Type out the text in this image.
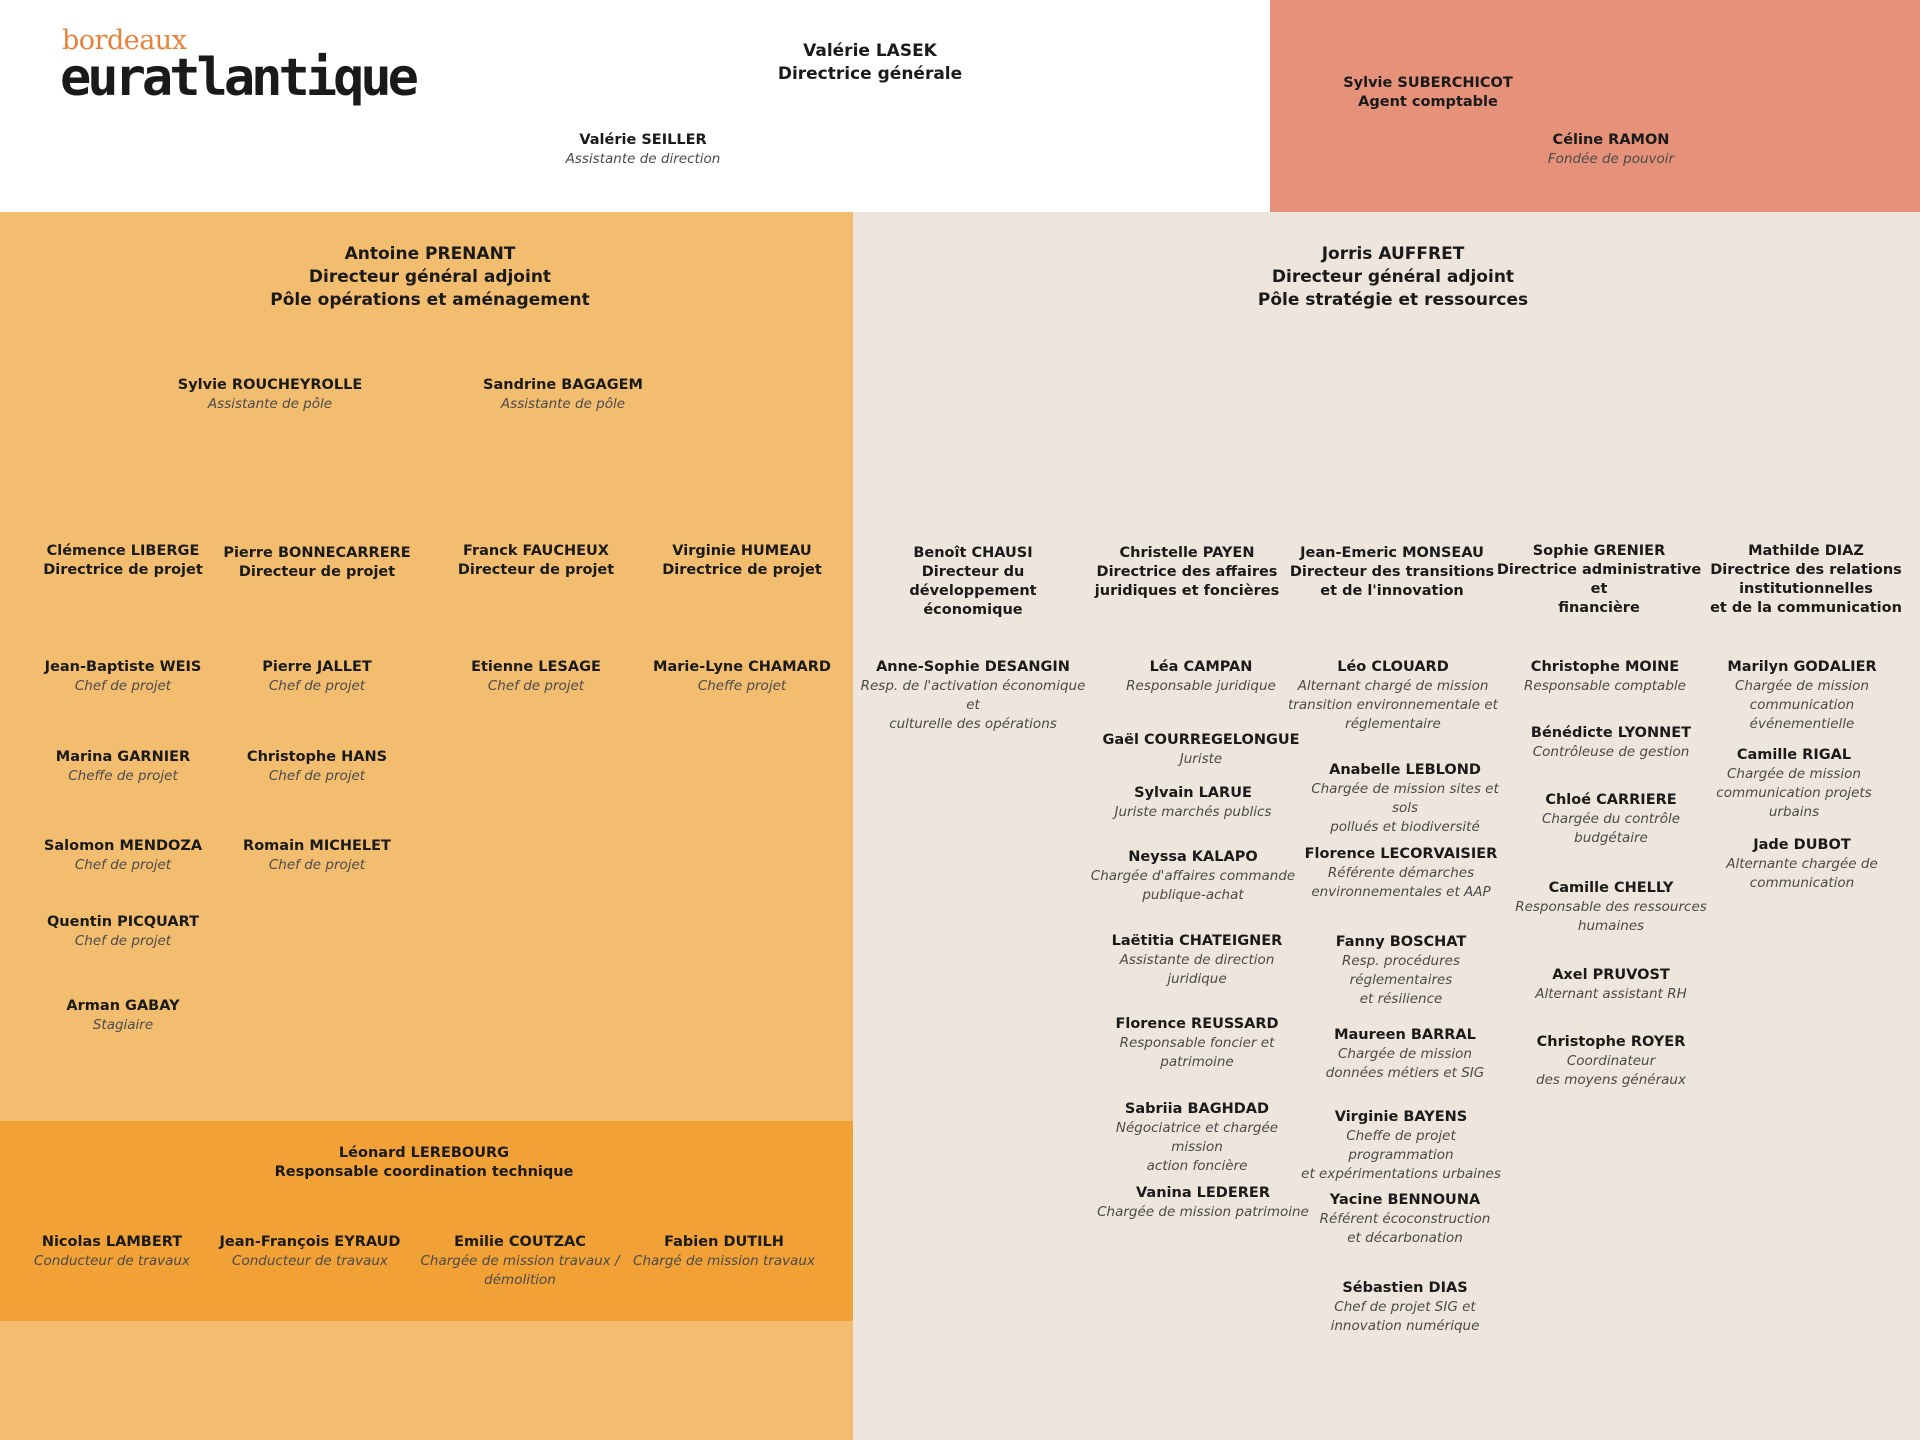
bordeaux
euratlantique	Valérie LASEK
Directrice générale
Valérie SEILLER
Assistante de direction
Sylvie SUBERCHICOT
Agent comptable
Céline RAMON
Fondée de pouvoir
Antoine PRENANT
Directeur général adjoint
Pôle opérations et aménagement
Sylvie ROUCHEYROLLE
Assistante de pôle
Sandrine BAGAGEM
Assistante de pôle
Clémence LIBERGE
Directrice de projet
Pierre BONNECARRERE
Directeur de projet
Franck FAUCHEUX
Directeur de projet
Virginie HUMEAU
Directrice de projet
Jean-Baptiste WEIS
Chef de projet
Marina GARNIER
Cheffe de projet
Salomon MENDOZA
Chef de projet
Quentin PICQUART
Chef de projet
Arman GABAY
Stagiaire
Pierre JALLET
Chef de projet
Christophe HANS
Chef de projet
Romain MICHELET
Chef de projet
Etienne LESAGE
Chef de projet
Marie-Lyne CHAMARD
Cheffe projet
Léonard LEREBOURG
Responsable coordination technique
Nicolas LAMBERT
Conducteur de travaux
Jean-François EYRAUD
Conducteur de travaux
Emilie COUTZAC
Chargée de mission travaux /
démolition
Fabien DUTILH
Chargé de mission travaux
Jorris AUFFRET
Directeur général adjoint
Pôle stratégie et ressources
Benoît CHAUSI
Directeur du
développement
économique
Christelle PAYEN
Directrice des affaires
juridiques et foncières
Jean-Emeric MONSEAU
Directeur des transitions
et de l'innovation
Sophie GRENIER
Directrice administrative et
financière
Mathilde DIAZ
Directrice des relations
institutionnelles
et de la communication
Anne-Sophie DESANGIN
Resp. de l'activation économique et
culturelle des opérations
Léa CAMPAN
Responsable juridique
Gaël COURREGELONGUE
Juriste
Sylvain LARUE
Juriste marchés publics
Neyssa KALAPO
Chargée d'affaires commande
publique-achat
Laëtitia CHATEIGNER
Assistante de direction
juridique
Florence REUSSARD
Responsable foncier et
patrimoine
Sabriia BAGHDAD
Négociatrice et chargée mission
action foncière
Vanina LEDERER
Chargée de mission patrimoine
Léo CLOUARD
Alternant chargé de mission
transition environnementale et
réglementaire
Anabelle LEBLOND
Chargée de mission sites et sols
pollués et biodiversité
Florence LECORVAISIER
Référente démarches
environnementales et AAP
Fanny BOSCHAT
Resp. procédures réglementaires
et résilience
Maureen BARRAL
Chargée de mission
données métiers et SIG
Virginie BAYENS
Cheffe de projet programmation
et expérimentations urbaines
Yacine BENNOUNA
Référent écoconstruction
et décarbonation
Sébastien DIAS
Chef de projet SIG et
innovation numérique
Christophe MOINE
Responsable comptable
Bénédicte LYONNET
Contrôleuse de gestion
Chloé CARRIERE
Chargée du contrôle
budgétaire
Camille CHELLY
Responsable des ressources
humaines
Axel PRUVOST
Alternant assistant RH
Christophe ROYER
Coordinateur
des moyens généraux
Marilyn GODALIER
Chargée de mission
communication événementielle
Camille RIGAL
Chargée de mission
communication projets urbains
Jade DUBOT
Alternante chargée de
communication
